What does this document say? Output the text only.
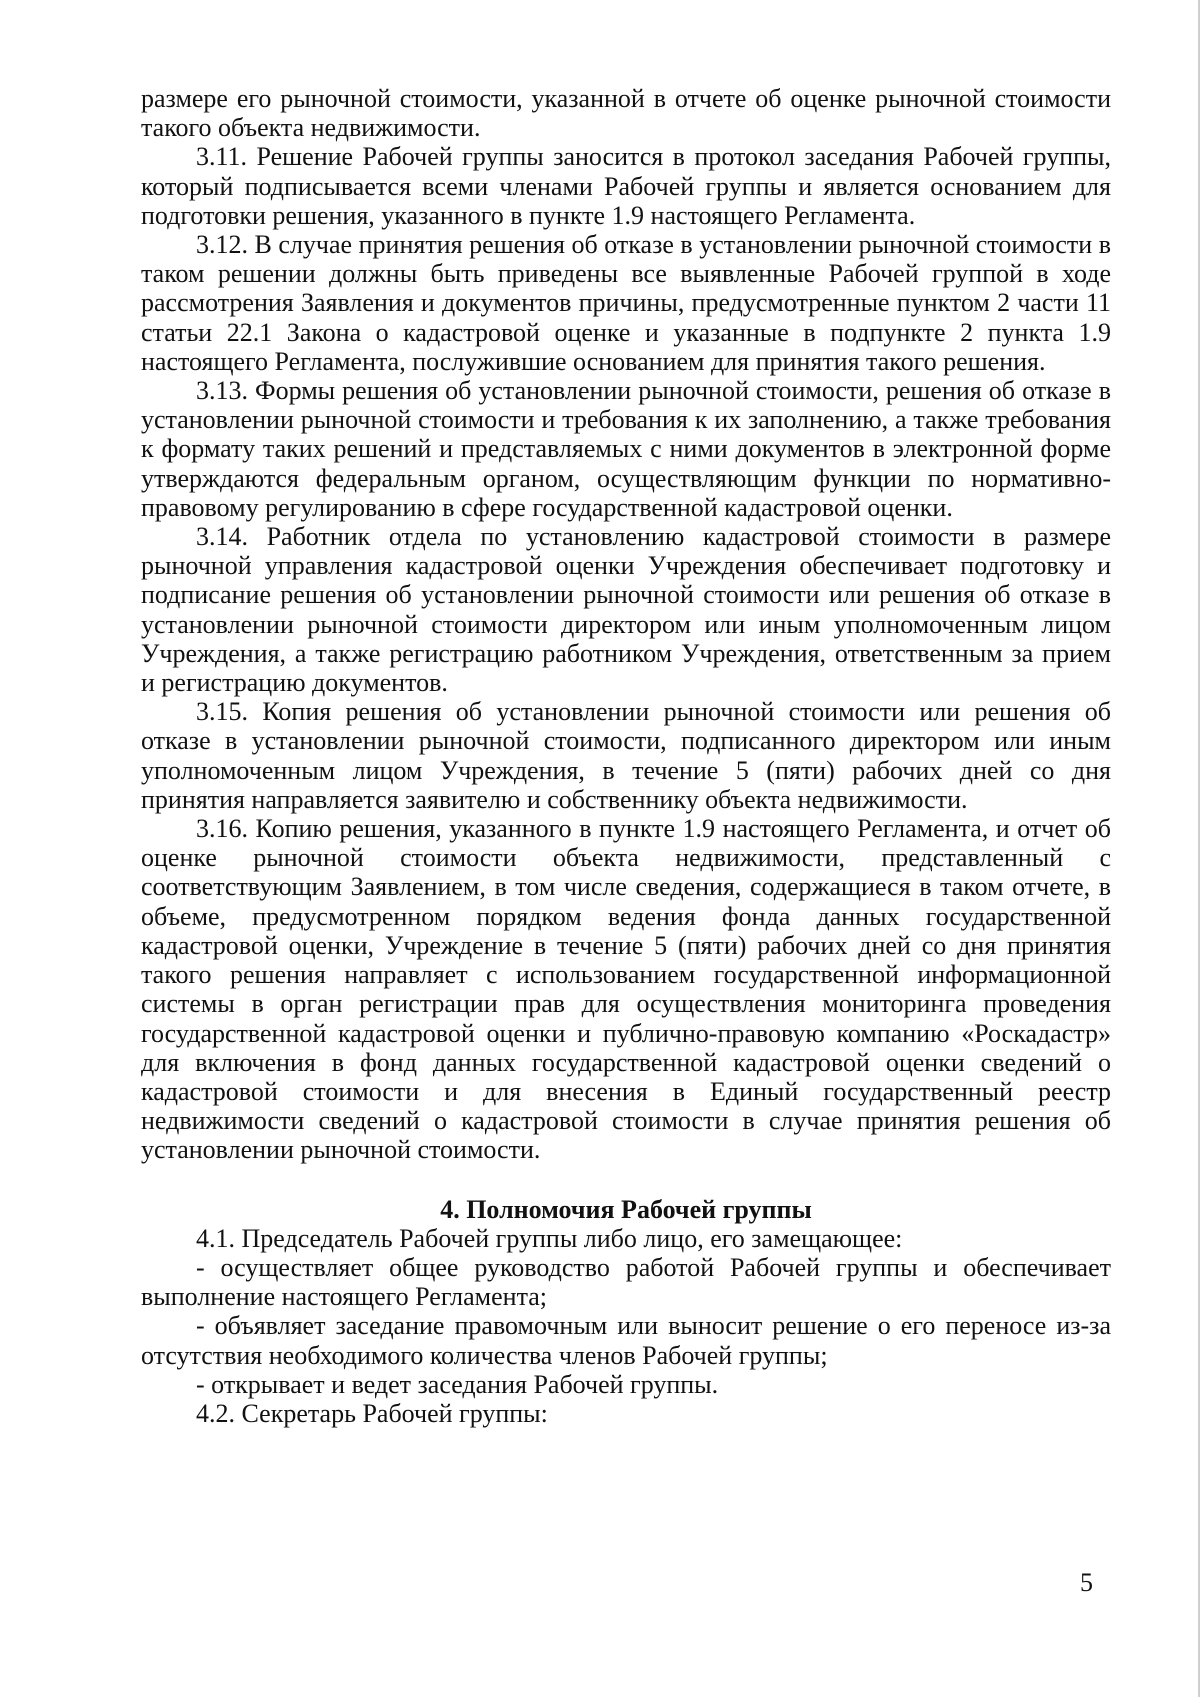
размере его рыночной стоимости, указанной в отчете об оценке рыночной стоимости такого объекта недвижимости.

3.11. Решение Рабочей группы заносится в протокол заседания Рабочей группы, который подписывается всеми членами Рабочей группы и является основанием для подготовки решения, указанного в пункте 1.9 настоящего Регламента.

3.12. В случае принятия решения об отказе в установлении рыночной стоимости в таком решении должны быть приведены все выявленные Рабочей группой в ходе рассмотрения Заявления и документов причины, предусмотренные пунктом 2 части 11 статьи 22.1 Закона о кадастровой оценке и указанные в подпункте 2 пункта 1.9 настоящего Регламента, послужившие основанием для принятия такого решения.

3.13. Формы решения об установлении рыночной стоимости, решения об отказе в установлении рыночной стоимости и требования к их заполнению, а также требования к формату таких решений и представляемых с ними документов в электронной форме утверждаются федеральным органом, осуществляющим функции по нормативно-правовому регулированию в сфере государственной кадастровой оценки.

3.14. Работник отдела по установлению кадастровой стоимости в размере рыночной управления кадастровой оценки Учреждения обеспечивает подготовку и подписание решения об установлении рыночной стоимости или решения об отказе в установлении рыночной стоимости директором или иным уполномоченным лицом Учреждения, а также регистрацию работником Учреждения, ответственным за прием и регистрацию документов.

3.15. Копия решения об установлении рыночной стоимости или решения об отказе в установлении рыночной стоимости, подписанного директором или иным уполномоченным лицом Учреждения, в течение 5 (пяти) рабочих дней со дня принятия направляется заявителю и собственнику объекта недвижимости.

3.16. Копию решения, указанного в пункте 1.9 настоящего Регламента, и отчет об оценке рыночной стоимости объекта недвижимости, представленный с соответствующим Заявлением, в том числе сведения, содержащиеся в таком отчете, в объеме, предусмотренном порядком ведения фонда данных государственной кадастровой оценки, Учреждение в течение 5 (пяти) рабочих дней со дня принятия такого решения направляет с использованием государственной информационной системы в орган регистрации прав для осуществления мониторинга проведения государственной кадастровой оценки и публично-правовую компанию «Роскадастр» для включения в фонд данных государственной кадастровой оценки сведений о кадастровой стоимости и для внесения в Единый государственный реестр недвижимости сведений о кадастровой стоимости в случае принятия решения об установлении рыночной стоимости.

4. Полномочия Рабочей группы

4.1. Председатель Рабочей группы либо лицо, его замещающее:

- осуществляет общее руководство работой Рабочей группы и обеспечивает выполнение настоящего Регламента;

- объявляет заседание правомочным или выносит решение о его переносе из-за отсутствия необходимого количества членов Рабочей группы;

- открывает и ведет заседания Рабочей группы.

4.2. Секретарь Рабочей группы:

5
